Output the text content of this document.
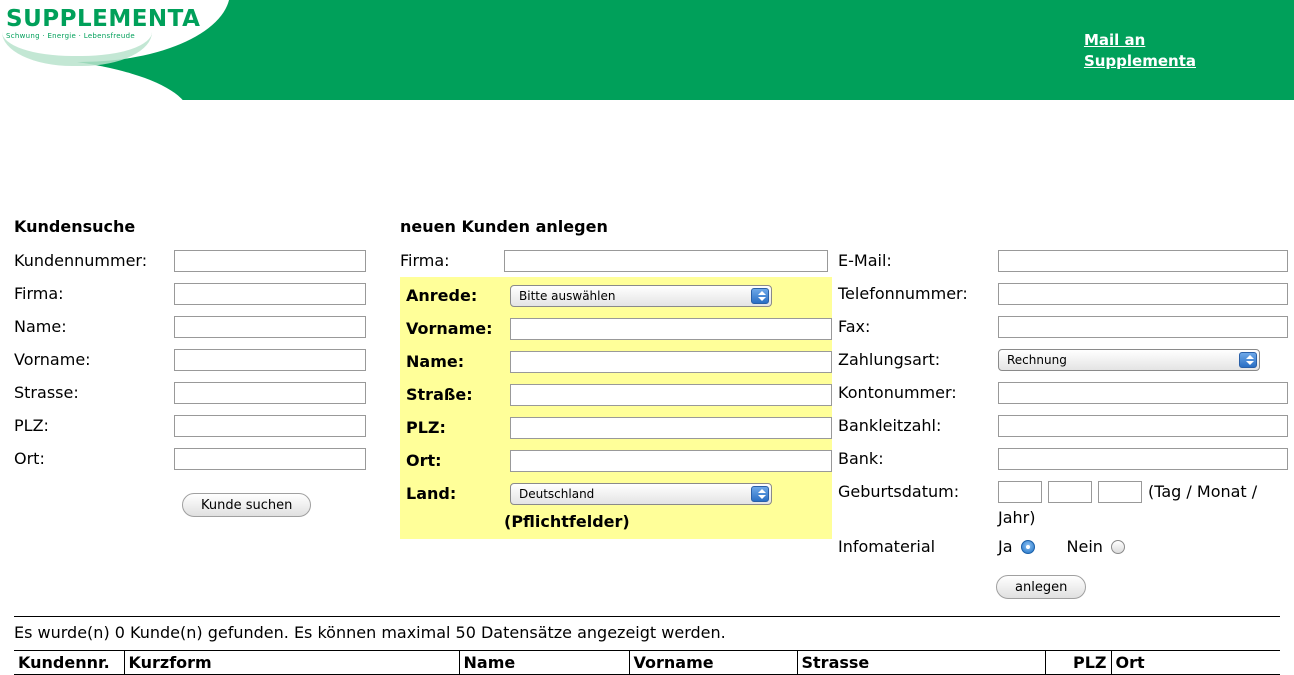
SUPPLEMENTA
Schwung · Energie · Lebensfreude	Mail an
Supplementa
Kundensuche
Kundennummer:
Firma:
Name:
Vorname:
Strasse:
PLZ:
Ort:
Kunde suchen
neuen Kunden anlegen
Firma:
Anrede:	Bitte auswählen
Vorname:
Name:
Straße:
PLZ:
Ort:
Land:	Deutschland
(Pflichtfelder)
E-Mail:
Telefonnummer:
Fax:
Zahlungsart:	Rechnung
Kontonummer:
Bankleitzahl:
Bank:
Geburtsdatum:	(Tag / Monat /
Jahr)
Infomaterial	Ja	Nein
anlegen
Es wurde(n) 0 Kunde(n) gefunden. Es können maximal 50 Datensätze angezeigt werden.
Kundennr.	Kurzform	Name	Vorname	Strasse	PLZ	Ort
